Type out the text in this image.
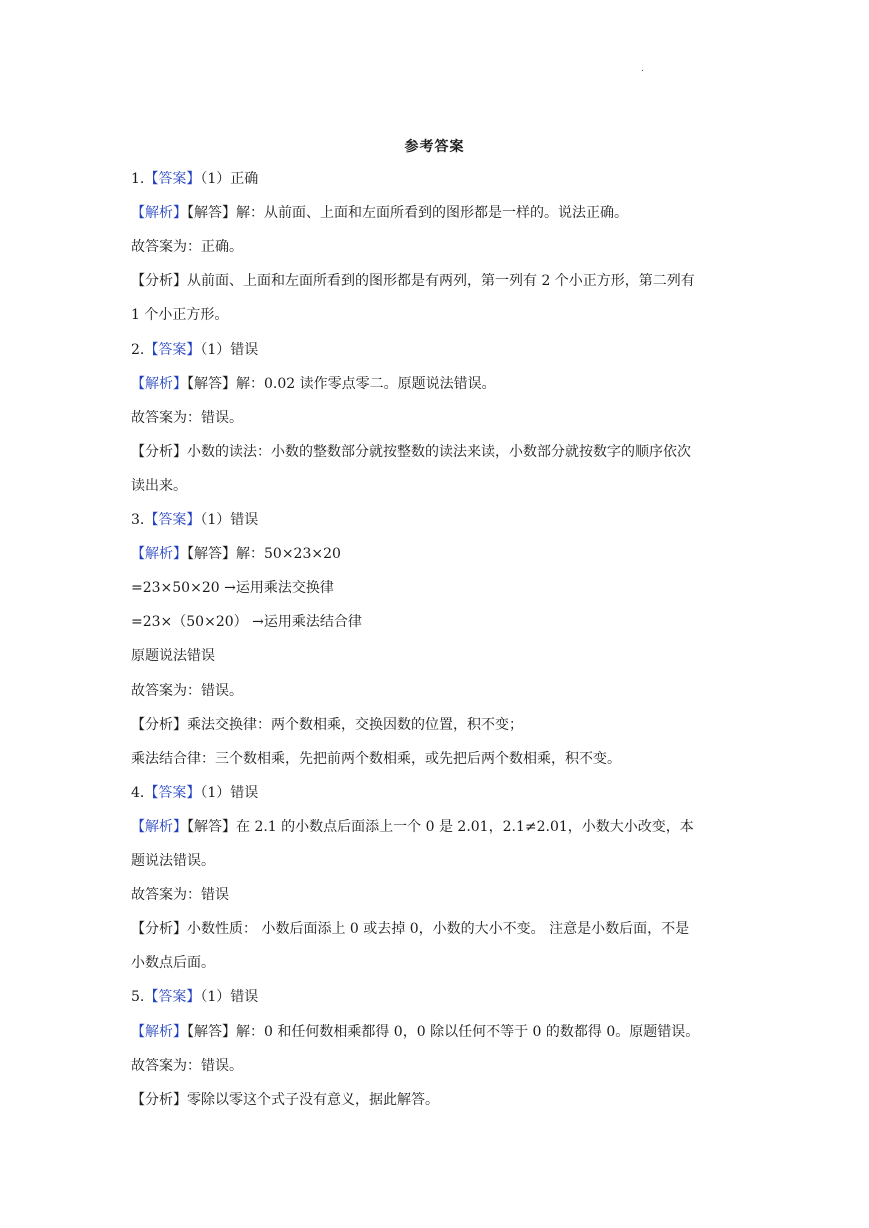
.
参考答案
1.【答案】（1）正确
【解析】【解答】解：从前面、上面和左面所看到的图形都是一样的。说法正确。
故答案为：正确。
【分析】从前面、上面和左面所看到的图形都是有两列，第一列有 2 个小正方形，第二列有
1 个小正方形。
2.【答案】（1）错误
【解析】【解答】解：0.02 读作零点零二。原题说法错误。
故答案为：错误。
【分析】小数的读法：小数的整数部分就按整数的读法来读，小数部分就按数字的顺序依次
读出来。
3.【答案】（1）错误
【解析】【解答】解：50×23×20
=23×50×20 →运用乘法交换律
=23×（50×20） →运用乘法结合律
原题说法错误
故答案为：错误。
【分析】乘法交换律：两个数相乘，交换因数的位置，积不变；
乘法结合律：三个数相乘，先把前两个数相乘，或先把后两个数相乘，积不变。
4.【答案】（1）错误
【解析】【解答】在 2.1 的小数点后面添上一个 0 是 2.01，2.1≠2.01，小数大小改变，本
题说法错误。
故答案为：错误
【分析】小数性质： 小数后面添上 0 或去掉 0，小数的大小不变。 注意是小数后面，不是
小数点后面。
5.【答案】（1）错误
【解析】【解答】解：0 和任何数相乘都得 0，0 除以任何不等于 0 的数都得 0。原题错误。
故答案为：错误。
【分析】零除以零这个式子没有意义，据此解答。
